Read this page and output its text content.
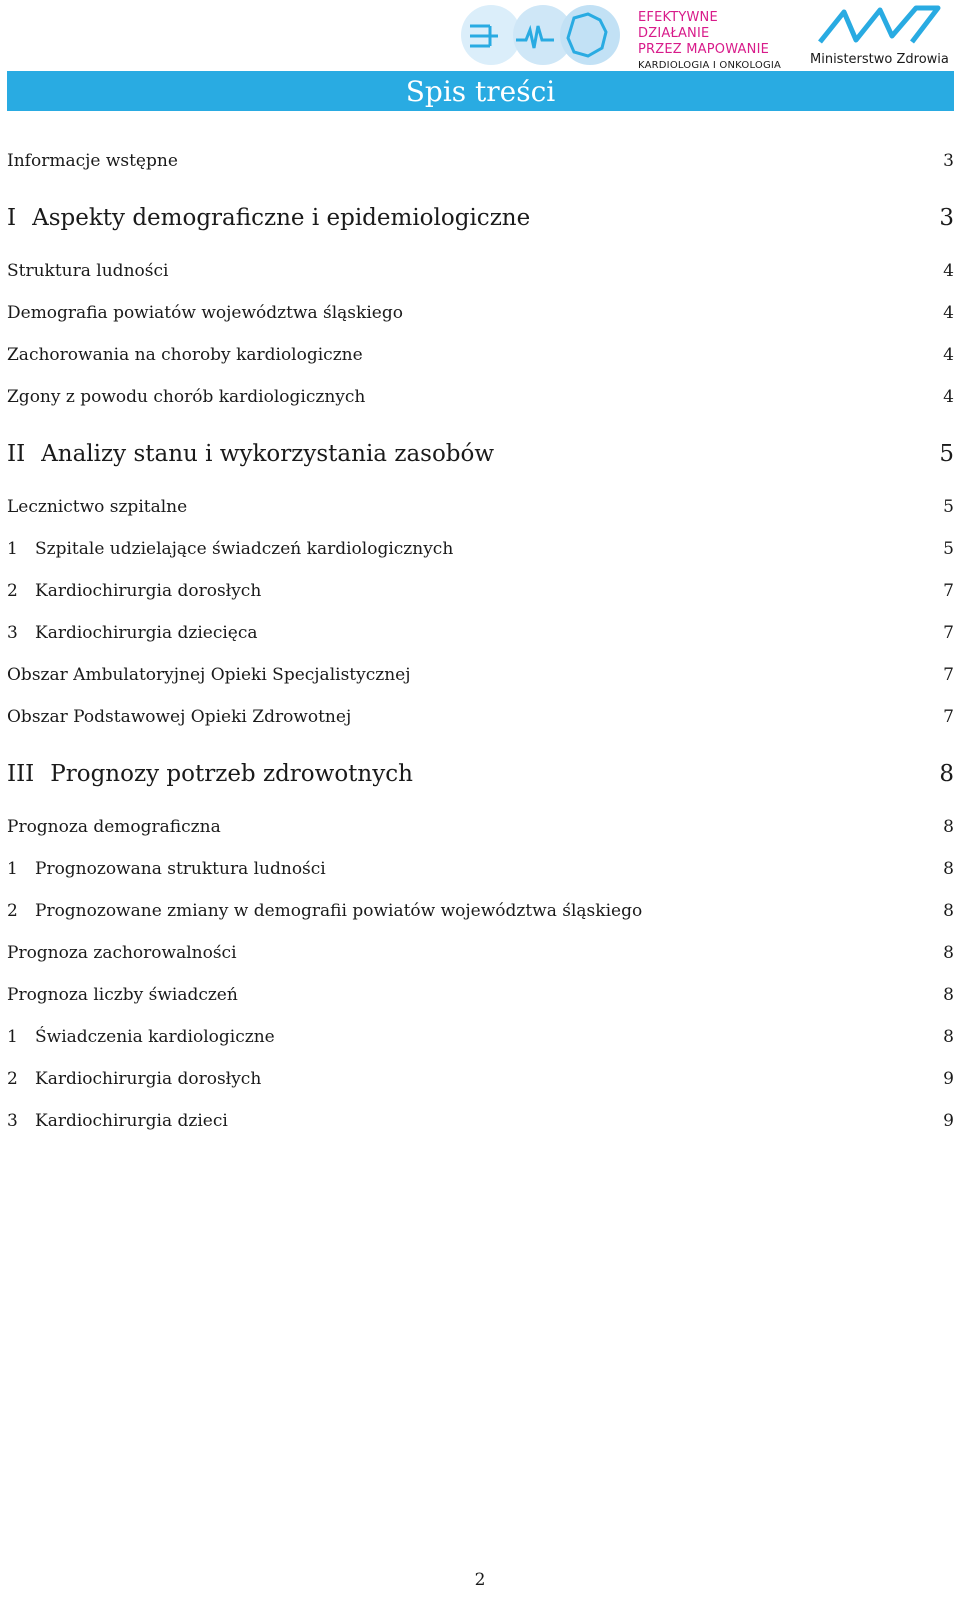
EFEKTYWNE DZIAŁANIE
PRZEZ MAPOWANIE
KARDIOLOGIA I ONKOLOGIA	Ministerstwo Zdrowia
Spis treści
Informacje wstępne	3
I Aspekty demograficzne i epidemiologiczne	3
Struktura ludności	4
Demografia powiatów województwa śląskiego	4
Zachorowania na choroby kardiologiczne	4
Zgony z powodu chorób kardiologicznych	4
II Analizy stanu i wykorzystania zasobów	5
Lecznictwo szpitalne	5
1	Szpitale udzielające świadczeń kardiologicznych	5
2	Kardiochirurgia dorosłych	7
3	Kardiochirurgia dziecięca	7
Obszar Ambulatoryjnej Opieki Specjalistycznej	7
Obszar Podstawowej Opieki Zdrowotnej	7
III Prognozy potrzeb zdrowotnych	8
Prognoza demograficzna	8
1	Prognozowana struktura ludności	8
2	Prognozowane zmiany w demografii powiatów województwa śląskiego	8
Prognoza zachorowalności	8
Prognoza liczby świadczeń	8
1	Świadczenia kardiologiczne	8
2	Kardiochirurgia dorosłych	9
3	Kardiochirurgia dzieci	9
2
